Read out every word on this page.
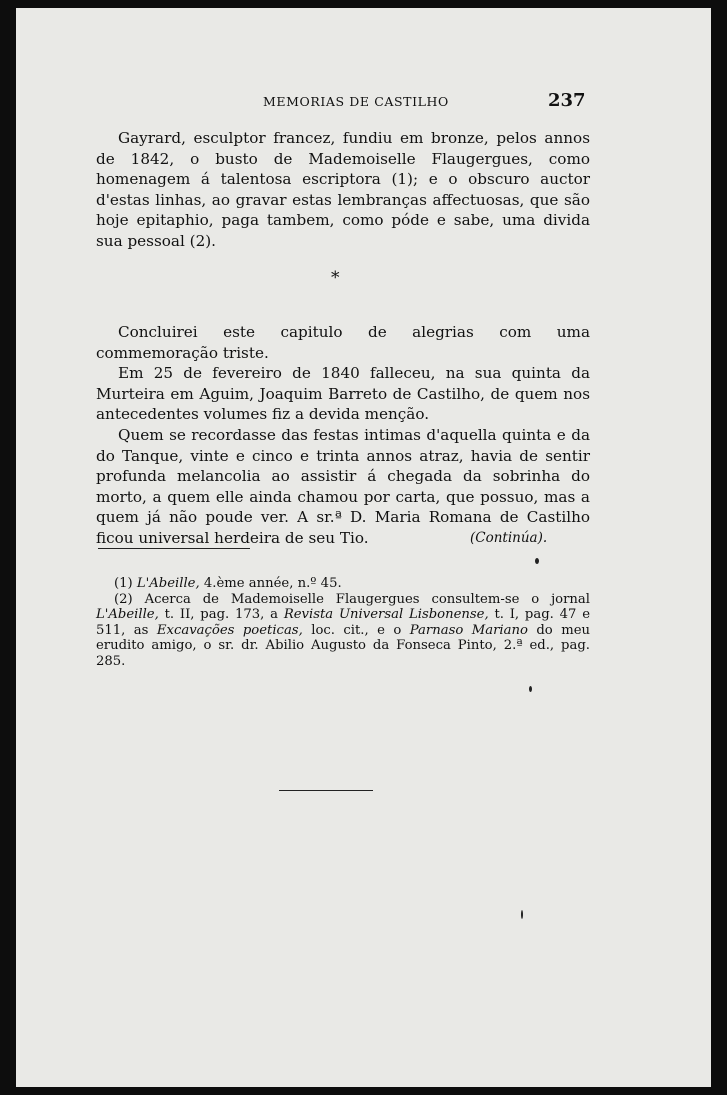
MEMORIAS DE CASTILHO	237

Gayrard, esculptor francez, fundiu em bronze, pelos annos de 1842, o busto de Mademoiselle Flaugergues, como homenagem á talentosa escriptora (1); e o obscuro auctor d'estas linhas, ao gravar estas lembranças affectuosas, que são hoje epitaphio, paga tambem, como póde e sabe, uma divida sua pessoal (2).

*

Concluirei este capitulo de alegrias com uma commemoração triste.

Em 25 de fevereiro de 1840 falleceu, na sua quinta da Murteira em Aguim, Joaquim Barreto de Castilho, de quem nos antecedentes volumes fiz a devida menção.

Quem se recordasse das festas intimas d'aquella quinta e da do Tanque, vinte e cinco e trinta annos atraz, havia de sentir profunda melancolia ao assistir á chegada da sobrinha do morto, a quem elle ainda chamou por carta, que possuo, mas a quem já não poude ver. A sr.ª D. Maria Romana de Castilho ficou universal herdeira de seu Tio.	(Continúa).

(1) L'Abeille, 4.ème année, n.º 45.

(2) Acerca de Mademoiselle Flaugergues consultem-se o jornal L'Abeille, t. II, pag. 173, a Revista Universal Lisbonense, t. I, pag. 47 e 511, as Excavações poeticas, loc. cit., e o Parnaso Mariano do meu erudito amigo, o sr. dr. Abilio Augusto da Fonseca Pinto, 2.ª ed., pag. 285.
